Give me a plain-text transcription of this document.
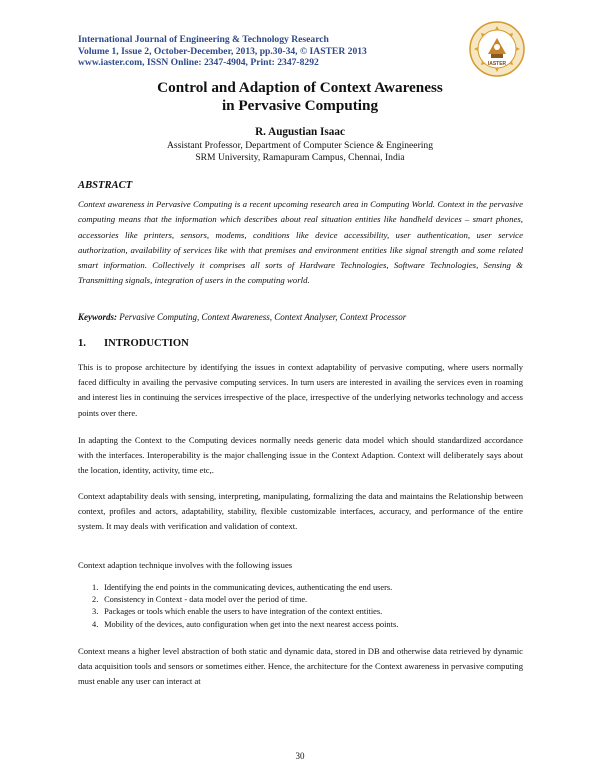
International Journal of Engineering & Technology Research
Volume 1, Issue 2, October-December, 2013, pp.30-34, © IASTER 2013
www.iaster.com, ISSN Online: 2347-4904, Print: 2347-8292	IASTER
Control and Adaption of Context Awareness
in Pervasive Computing
R. Augustian Isaac
Assistant Professor, Department of Computer Science & Engineering
SRM University, Ramapuram Campus, Chennai, India
ABSTRACT
Context awareness in Pervasive Computing is a recent upcoming research area in Computing World. Context in the pervasive computing means that the information which describes about real situation entities like handheld devices – smart phones, accessories like printers, sensors, modems, conditions like device accessibility, user authentication, user service authorization, availability of services like with that premises and environment entities like signal strength and some related smart information. Collectively it comprises all sorts of Hardware Technologies, Software Technologies, Sensing & Transmitting signals, integration of users in the computing world.
Keywords: Pervasive Computing, Context Awareness, Context Analyser, Context Processor
1. INTRODUCTION
This is to propose architecture by identifying the issues in context adaptability of pervasive computing, where users normally faced difficulty in availing the pervasive computing services. In turn users are interested in availing the services even in roaming and interest lies in continuing the services irrespective of the place, irrespective of the underlying networks technology and access points over there.
In adapting the Context to the Computing devices normally needs generic data model which should standardized accordance with the interfaces. Interoperability is the major challenging issue in the Context Adaption. Context will deliberately says about the location, identity, activity, time etc,.
Context adaptability deals with sensing, interpreting, manipulating, formalizing the data and maintains the Relationship between context, profiles and actors, adaptability, stability, flexible customizable interfaces, accuracy, and performance of the entire system. It may deals with verification and validation of context.
Context adaption technique involves with the following issues
1. Identifying the end points in the communicating devices, authenticating the end users.
2. Consistency in Context - data model over the period of time.
3. Packages or tools which enable the users to have integration of the context entities.
4. Mobility of the devices, auto configuration when get into the next nearest access points.
Context means a higher level abstraction of both static and dynamic data, stored in DB and otherwise data retrieved by dynamic data acquisition tools and sensors or sometimes either. Hence, the architecture for the Context awareness in pervasive computing must enable any user can interact at
30
